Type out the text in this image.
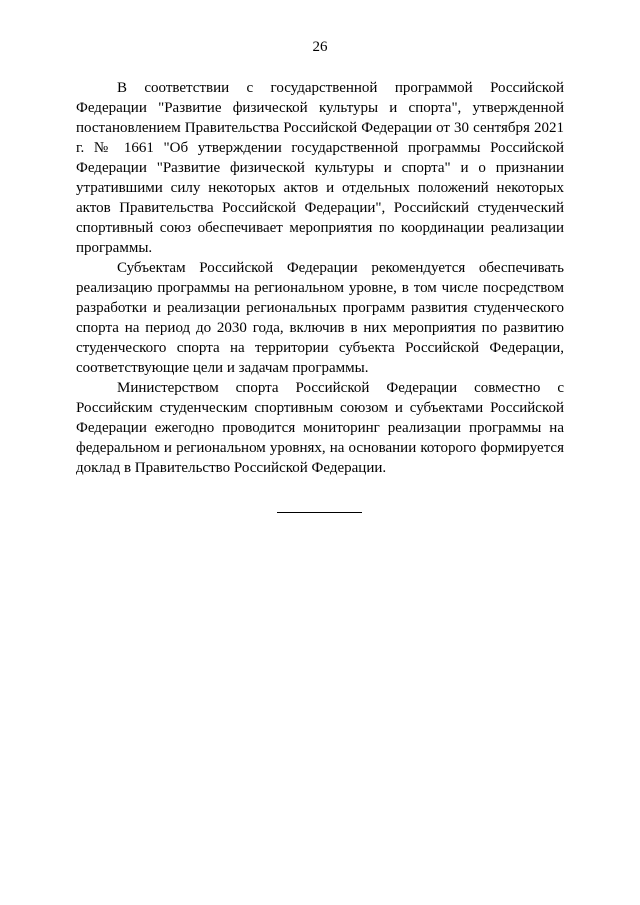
26

В соответствии с государственной программой Российской Федерации "Развитие физической культуры и спорта", утвержденной постановлением Правительства Российской Федерации от 30 сентября 2021 г. № 1661 "Об утверждении государственной программы Российской Федерации "Развитие физической культуры и спорта" и о признании утратившими силу некоторых актов и отдельных положений некоторых актов Правительства Российской Федерации", Российский студенческий спортивный союз обеспечивает мероприятия по координации реализации программы.

Субъектам Российской Федерации рекомендуется обеспечивать реализацию программы на региональном уровне, в том числе посредством разработки и реализации региональных программ развития студенческого спорта на период до 2030 года, включив в них мероприятия по развитию студенческого спорта на территории субъекта Российской Федерации, соответствующие цели и задачам программы.

Министерством спорта Российской Федерации совместно с Российским студенческим спортивным союзом и субъектами Российской Федерации ежегодно проводится мониторинг реализации программы на федеральном и региональном уровнях, на основании которого формируется доклад в Правительство Российской Федерации.
